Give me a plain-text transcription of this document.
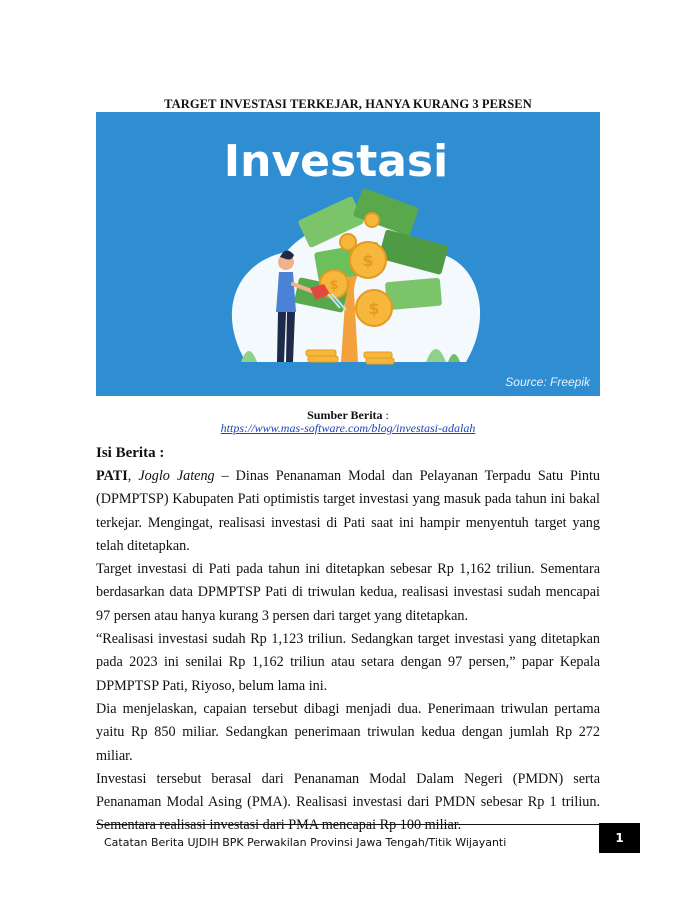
TARGET INVESTASI TERKEJAR, HANYA KURANG 3 PERSEN
$
$
$
Investasi
Source: Freepik
Sumber Berita :
https://www.mas-software.com/blog/investasi-adalah
Isi Berita :

PATI, Joglo Jateng – Dinas Penanaman Modal dan Pelayanan Terpadu Satu Pintu (DPMPTSP) Kabupaten Pati optimistis target investasi yang masuk pada tahun ini bakal terkejar. Mengingat, realisasi investasi di Pati saat ini hampir menyentuh target yang telah ditetapkan.

Target investasi di Pati pada tahun ini ditetapkan sebesar Rp 1,162 triliun. Sementara berdasarkan data DPMPTSP Pati di triwulan kedua, realisasi investasi sudah mencapai 97 persen atau hanya kurang 3 persen dari target yang ditetapkan.

“Realisasi investasi sudah Rp 1,123 triliun. Sedangkan target investasi yang ditetapkan pada 2023 ini senilai Rp 1,162 triliun atau setara dengan 97 persen,” papar Kepala DPMPTSP Pati, Riyoso, belum lama ini.

Dia menjelaskan, capaian tersebut dibagi menjadi dua. Penerimaan triwulan pertama yaitu Rp 850 miliar. Sedangkan penerimaan triwulan kedua dengan jumlah Rp 272 miliar.

Investasi tersebut berasal dari Penanaman Modal Dalam Negeri (PMDN) serta Penanaman Modal Asing (PMA). Realisasi investasi dari PMDN sebesar Rp 1 triliun. Sementara realisasi investasi dari PMA mencapai Rp 100 miliar.

Catatan Berita UJDIH BPK Perwakilan Provinsi Jawa Tengah/Titik Wijayanti	1
